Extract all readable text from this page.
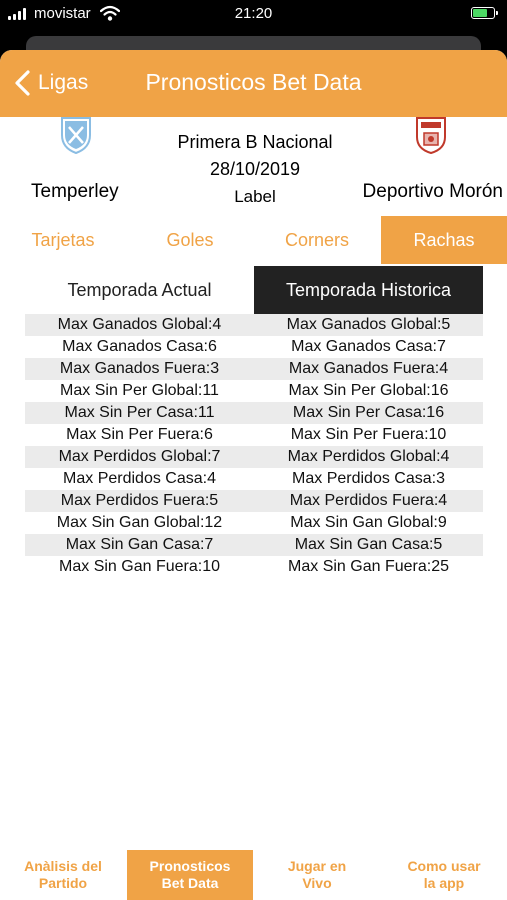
movistar	21:20
Ligas	Pronosticos Bet Data
Primera B Nacional
28/10/2019
Label
Temperley	Deportivo Morón
Tarjetas	Goles	Corners	Rachas
Temporada Actual	Temporada Historica
Max Ganados Global:4	Max Ganados Global:5
Max Ganados Casa:6	Max Ganados Casa:7
Max Ganados Fuera:3	Max Ganados Fuera:4
Max Sin Per Global:11	Max Sin Per Global:16
Max Sin Per Casa:11	Max Sin Per Casa:16
Max Sin Per Fuera:6	Max Sin Per Fuera:10
Max Perdidos Global:7	Max Perdidos Global:4
Max Perdidos Casa:4	Max Perdidos Casa:3
Max Perdidos Fuera:5	Max Perdidos Fuera:4
Max Sin Gan Global:12	Max Sin Gan Global:9
Max Sin Gan Casa:7	Max Sin Gan Casa:5
Max Sin Gan Fuera:10	Max Sin Gan Fuera:25
Anàlisis del
Partido
Pronosticos
Bet Data
Jugar en
Vivo
Como usar
la app
